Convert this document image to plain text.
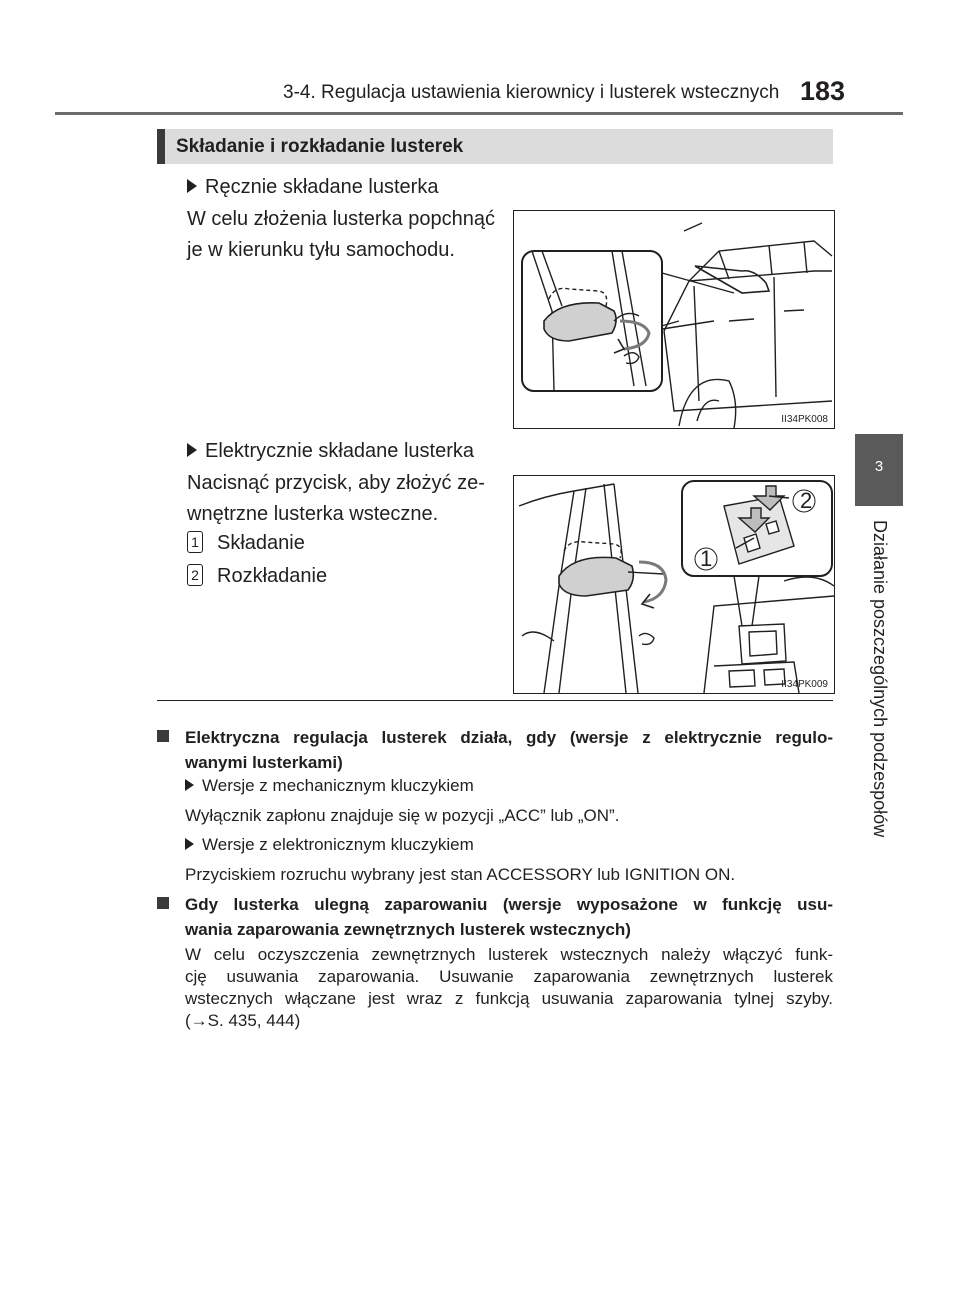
3-4. Regulacja ustawienia kierownicy i lusterek wstecznych 183
3
Działanie poszczególnych podzespołów
Składanie i rozkładanie lusterek
Ręcznie składane lusterka
W celu złożenia lusterka popchnąć
je w kierunku tyłu samochodu.
II34PK008
Elektrycznie składane lusterka
Nacisnąć przycisk, aby złożyć ze-
wnętrzne lusterka wsteczne.
1 Składanie
2 Rozkładanie
2
1
II34PK009
Elektryczna regulacja lusterek działa, gdy (wersje z elektrycznie regulo-
wanymi lusterkami)
Wersje z mechanicznym kluczykiem
Wyłącznik zapłonu znajduje się w pozycji „ACC” lub „ON”.
Wersje z elektronicznym kluczykiem
Przyciskiem rozruchu wybrany jest stan ACCESSORY lub IGNITION ON.
Gdy lusterka ulegną zaparowaniu (wersje wyposażone w funkcję usu-
wania zaparowania zewnętrznych lusterek wstecznych)
W celu oczyszczenia zewnętrznych lusterek wstecznych należy włączyć funk-
cję usuwania zaparowania. Usuwanie zaparowania zewnętrznych lusterek
wstecznych włączane jest wraz z funkcją usuwania zaparowania tylnej szyby.
(→S. 435, 444)
